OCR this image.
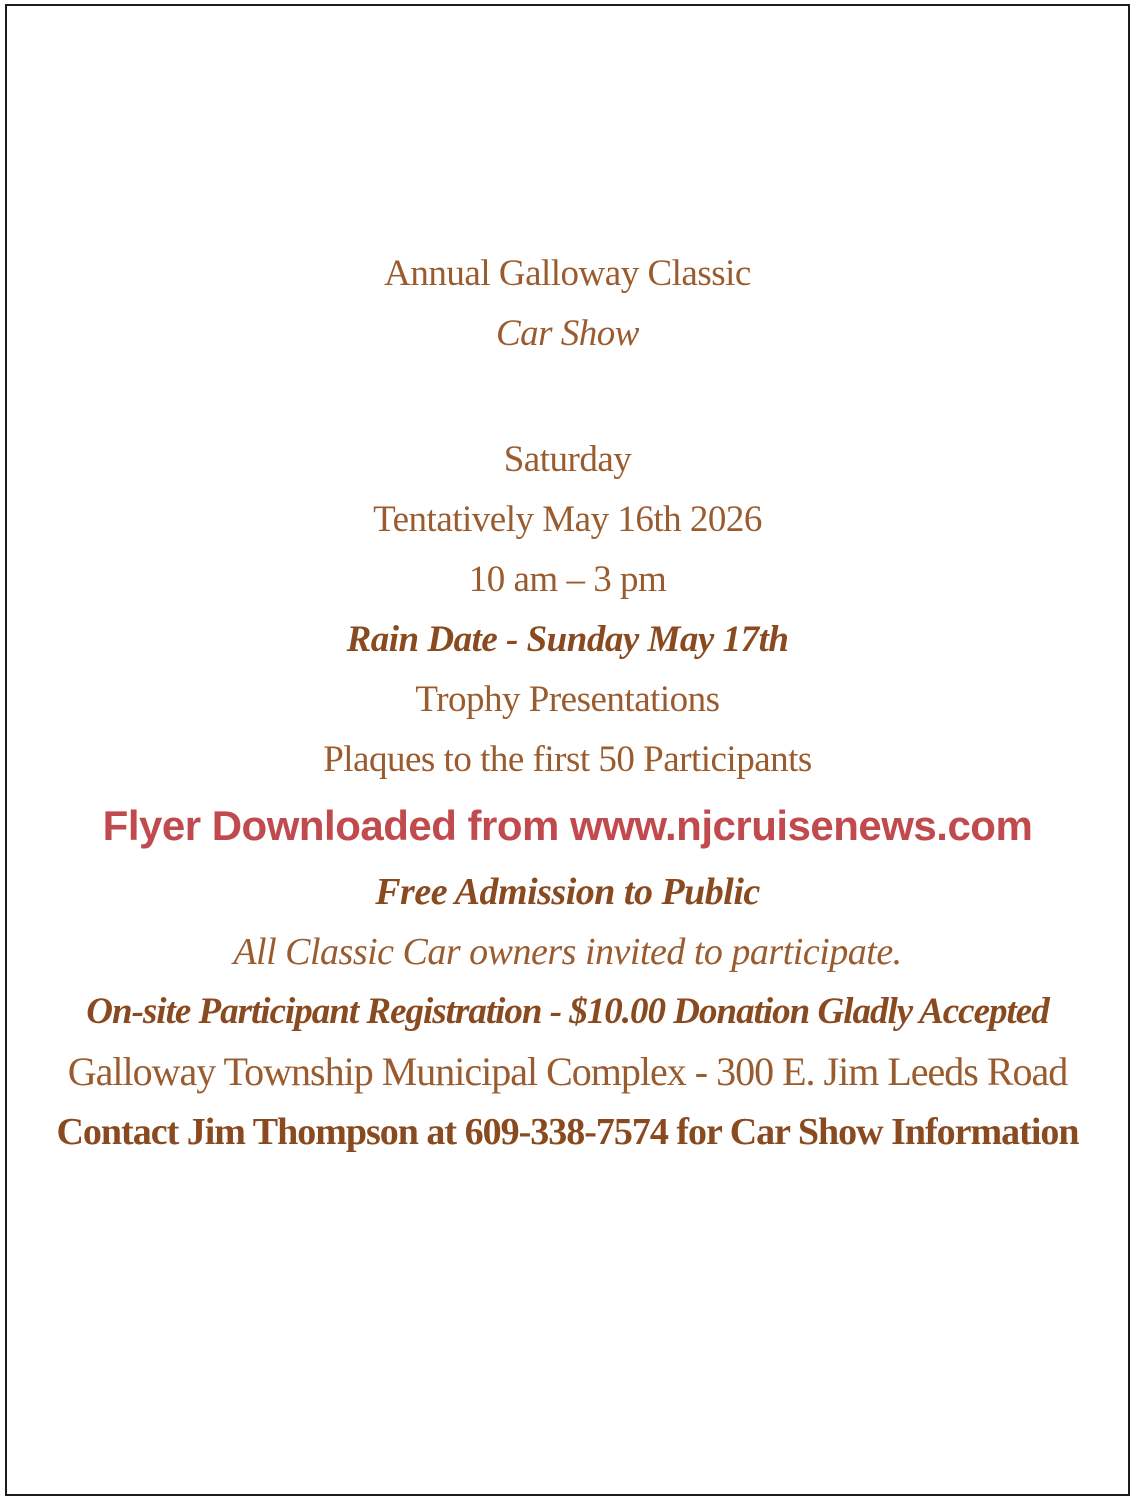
Annual Galloway Classic
Car Show
Saturday
Tentatively May 16th 2026
10 am – 3 pm
Rain Date - Sunday May 17th
Trophy Presentations
Plaques to the first 50 Participants
Flyer Downloaded from www.njcruisenews.com
Free Admission to Public
All Classic Car owners invited to participate.
On-site Participant Registration - $10.00 Donation Gladly Accepted
Galloway Township Municipal Complex - 300 E. Jim Leeds Road
Contact Jim Thompson at 609-338-7574 for Car Show Information
